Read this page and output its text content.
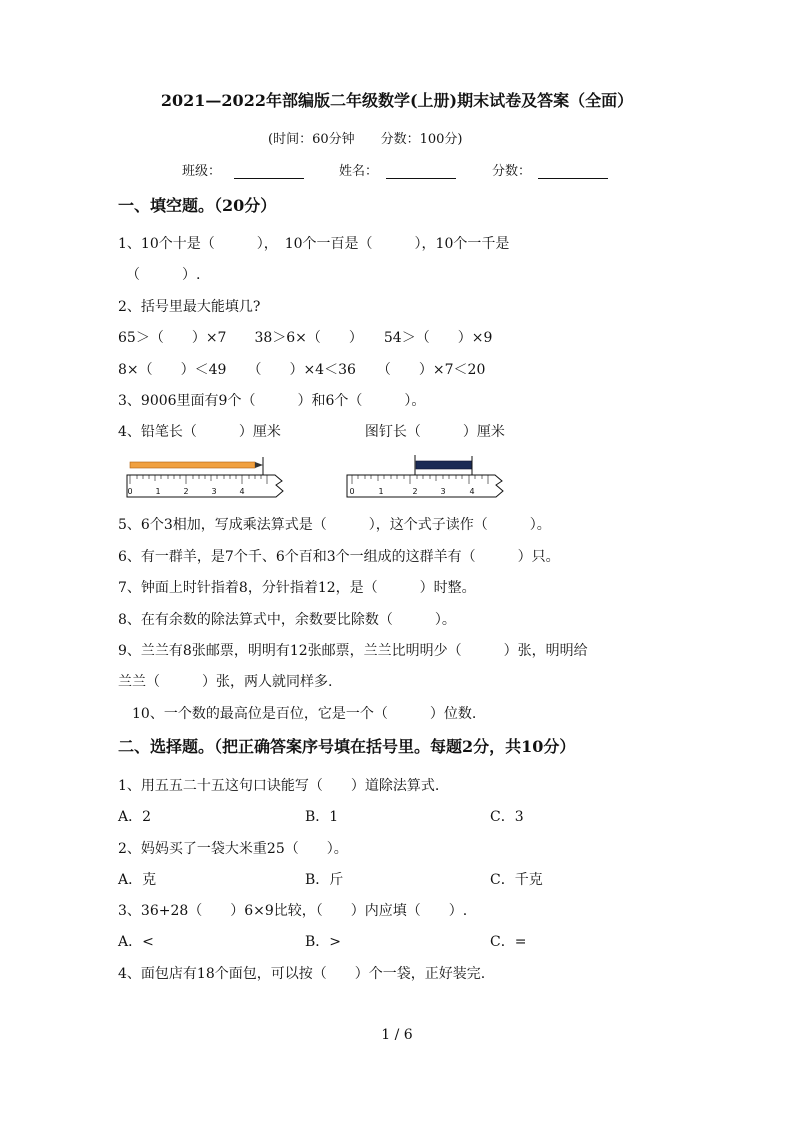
2021—2022年部编版二年级数学(上册)期末试卷及答案（全面）
(时间：60分钟　　分数：100分)
班级：	姓名：	分数：
一、填空题。（20分）
1、10个十是（　　　），　10个一百是（　　　），10个一千是
（　　　）.
2、括号里最大能填几?
65＞（　　）×7　　38＞6×（　　）　　54＞（　　）×9
8×（　　）＜49　　（　　）×4＜36　　（　　）×7＜20
3、9006里面有9个（　　　）和6个（　　　）。
4、铅笔长（　　　）厘米　　　　　　图钉长（　　　）厘米
0	1	2	3	4	0	1	2	3	4
5、6个3相加，写成乘法算式是（　　　），这个式子读作（　　　）。
6、有一群羊，是7个千、6个百和3个一组成的这群羊有（　　　）只。
7、钟面上时针指着8，分针指着12，是（　　　）时整。
8、在有余数的除法算式中，余数要比除数（　　　）。
9、兰兰有8张邮票，明明有12张邮票，兰兰比明明少（　　　）张，明明给
兰兰（　　　）张，两人就同样多.
　10、一个数的最高位是百位，它是一个（　　　）位数.
二、选择题。（把正确答案序号填在括号里。每题2分，共10分）
1、用五五二十五这句口诀能写（　　）道除法算式.
A．2	B．1	C．3
2、妈妈买了一袋大米重25（　　）。
A．克	B．斤	C．千克
3、36+28（　　）6×9比较，（　　）内应填（　　）.
A．<	B．>	C．=
4、面包店有18个面包，可以按（　　）个一袋，正好装完.
1 / 6
